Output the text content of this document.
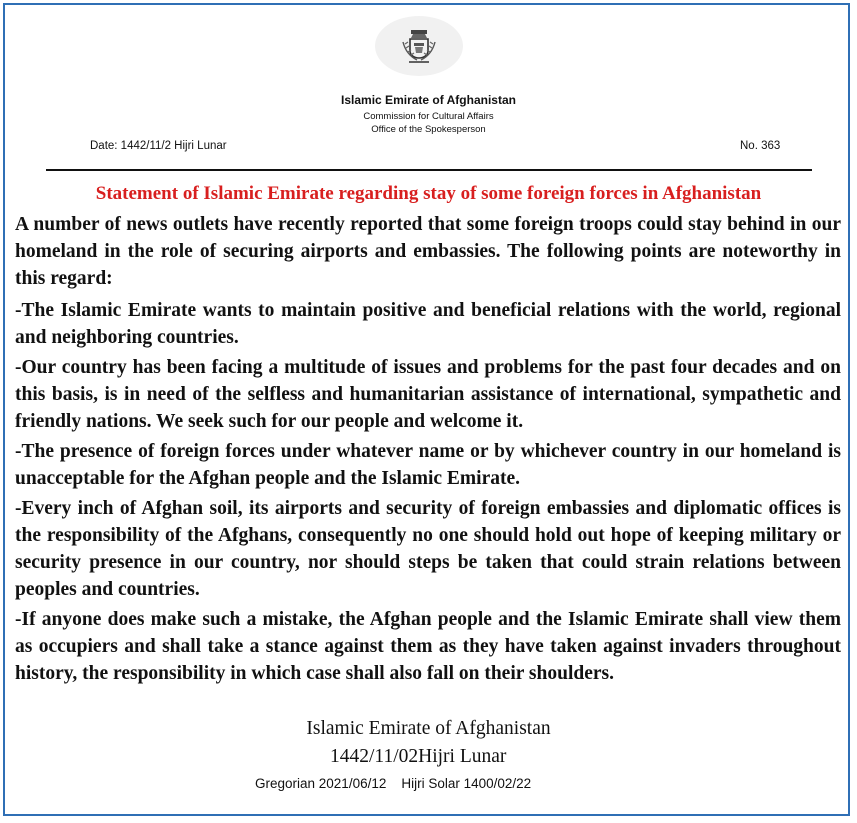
Islamic Emirate of Afghanistan
Commission for Cultural Affairs
Office of the Spokesperson
Date: 1442/11/2 Hijri Lunar	No. 363
Statement of Islamic Emirate regarding stay of some foreign forces in Afghanistan

A number of news outlets have recently reported that some foreign troops could stay behind in our homeland in the role of securing airports and embassies. The following points are noteworthy in this regard:

-The Islamic Emirate wants to maintain positive and beneficial relations with the world, regional and neighboring countries.

-Our country has been facing a multitude of issues and problems for the past four decades and on this basis, is in need of the selfless and humanitarian assistance of international, sympathetic and friendly nations. We seek such for our people and welcome it.

-The presence of foreign forces under whatever name or by whichever country in our homeland is unacceptable for the Afghan people and the Islamic Emirate.

-Every inch of Afghan soil, its airports and security of foreign embassies and diplomatic offices is the responsibility of the Afghans, consequently no one should hold out hope of keeping military or security presence in our country, nor should steps be taken that could strain relations between peoples and countries.

-If anyone does make such a mistake, the Afghan people and the Islamic Emirate shall view them as occupiers and shall take a stance against them as they have taken against invaders throughout history, the responsibility in which case shall also fall on their shoulders.

Islamic Emirate of Afghanistan
1442/11/02Hijri Lunar
Gregorian 2021/06/12    Hijri Solar 1400/02/22
